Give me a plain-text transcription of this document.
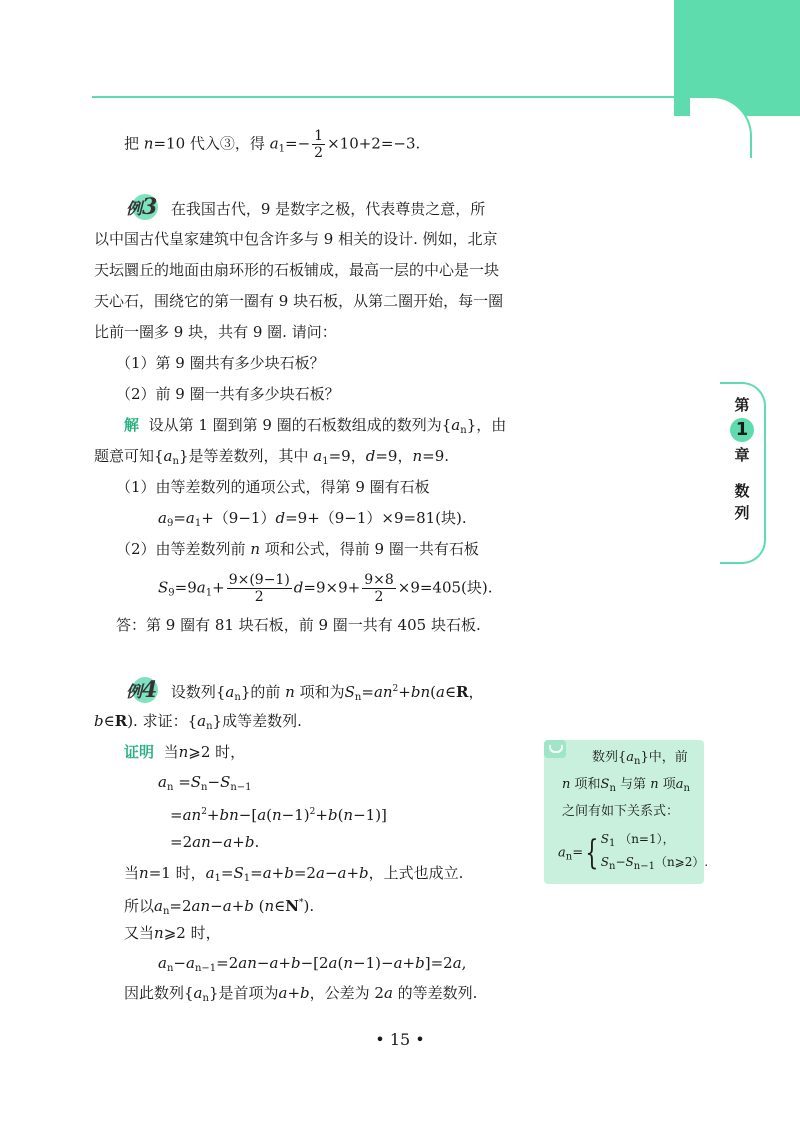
第
1
章
数
列
把 n=10 代入③，得 $a_1=- \frac{1}{2} \times 10+2=-3$.
例3 在我国古代，9 是数字之极，代表尊贵之意，所
以中国古代皇家建筑中包含许多与 9 相关的设计. 例如，北京
天坛圜丘的地面由扇环形的石板铺成，最高一层的中心是一块
天心石，围绕它的第一圈有 9 块石板，从第二圈开始，每一圈
比前一圈多 9 块，共有 9 圈. 请问：
（1）第 9 圈共有多少块石板？
（2）前 9 圈一共有多少块石板？
解 设从第 1 圈到第 9 圈的石板数组成的数列为$\{a_n\}$，由
题意可知$\{a_n\}$是等差数列，其中 $a_1=9$，d=9，n=9.
（1）由等差数列的通项公式，得第 9 圈有石板
$a_9=a_1+(9-1)d=9+(9-1)\times 9=81$(块).
（2）由等差数列前 n 项和公式，得前 9 圈一共有石板
$S_9=9a_1+ \frac{9\times(9-1)}{2} d=9\times 9+ \frac{9\times 8}{2} \times 9=405$(块).
答：第 9 圈有 81 块石板，前 9 圈一共有 405 块石板.
例4 设数列$\{a_n\}$的前 n 项和为$S_n=an^2+bn(a\in R$，
b∈R). 求证：$\{a_n\}$成等差数列.
证明 当n⩾2 时，
$a_n =S_n-S_{n-1}$
$=an^2+bn-[a(n-1)^2+b(n-1)]$
=2an−a+b.
当n=1 时，$a_1=S_1=a+b=2a-a+b$，上式也成立.
所以$a_n=2an-a+b$ (n∈N*).
又当n⩾2 时，
$a_n-a_{n-1}=2an-a+b-[2a(n-1)-a+b]=2a$,
因此数列$\{a_n\}$是首项为a+b，公差为 2a 的等差数列.
数列$\{a_n\}$中，前
n 项和$S_n$ 与第 n 项$a_n$
之间有如下关系式：
$a_n=${ $S_1$ （n=1），
$S_n-S_{n-1}(n⩾2)$.
• 15 •
